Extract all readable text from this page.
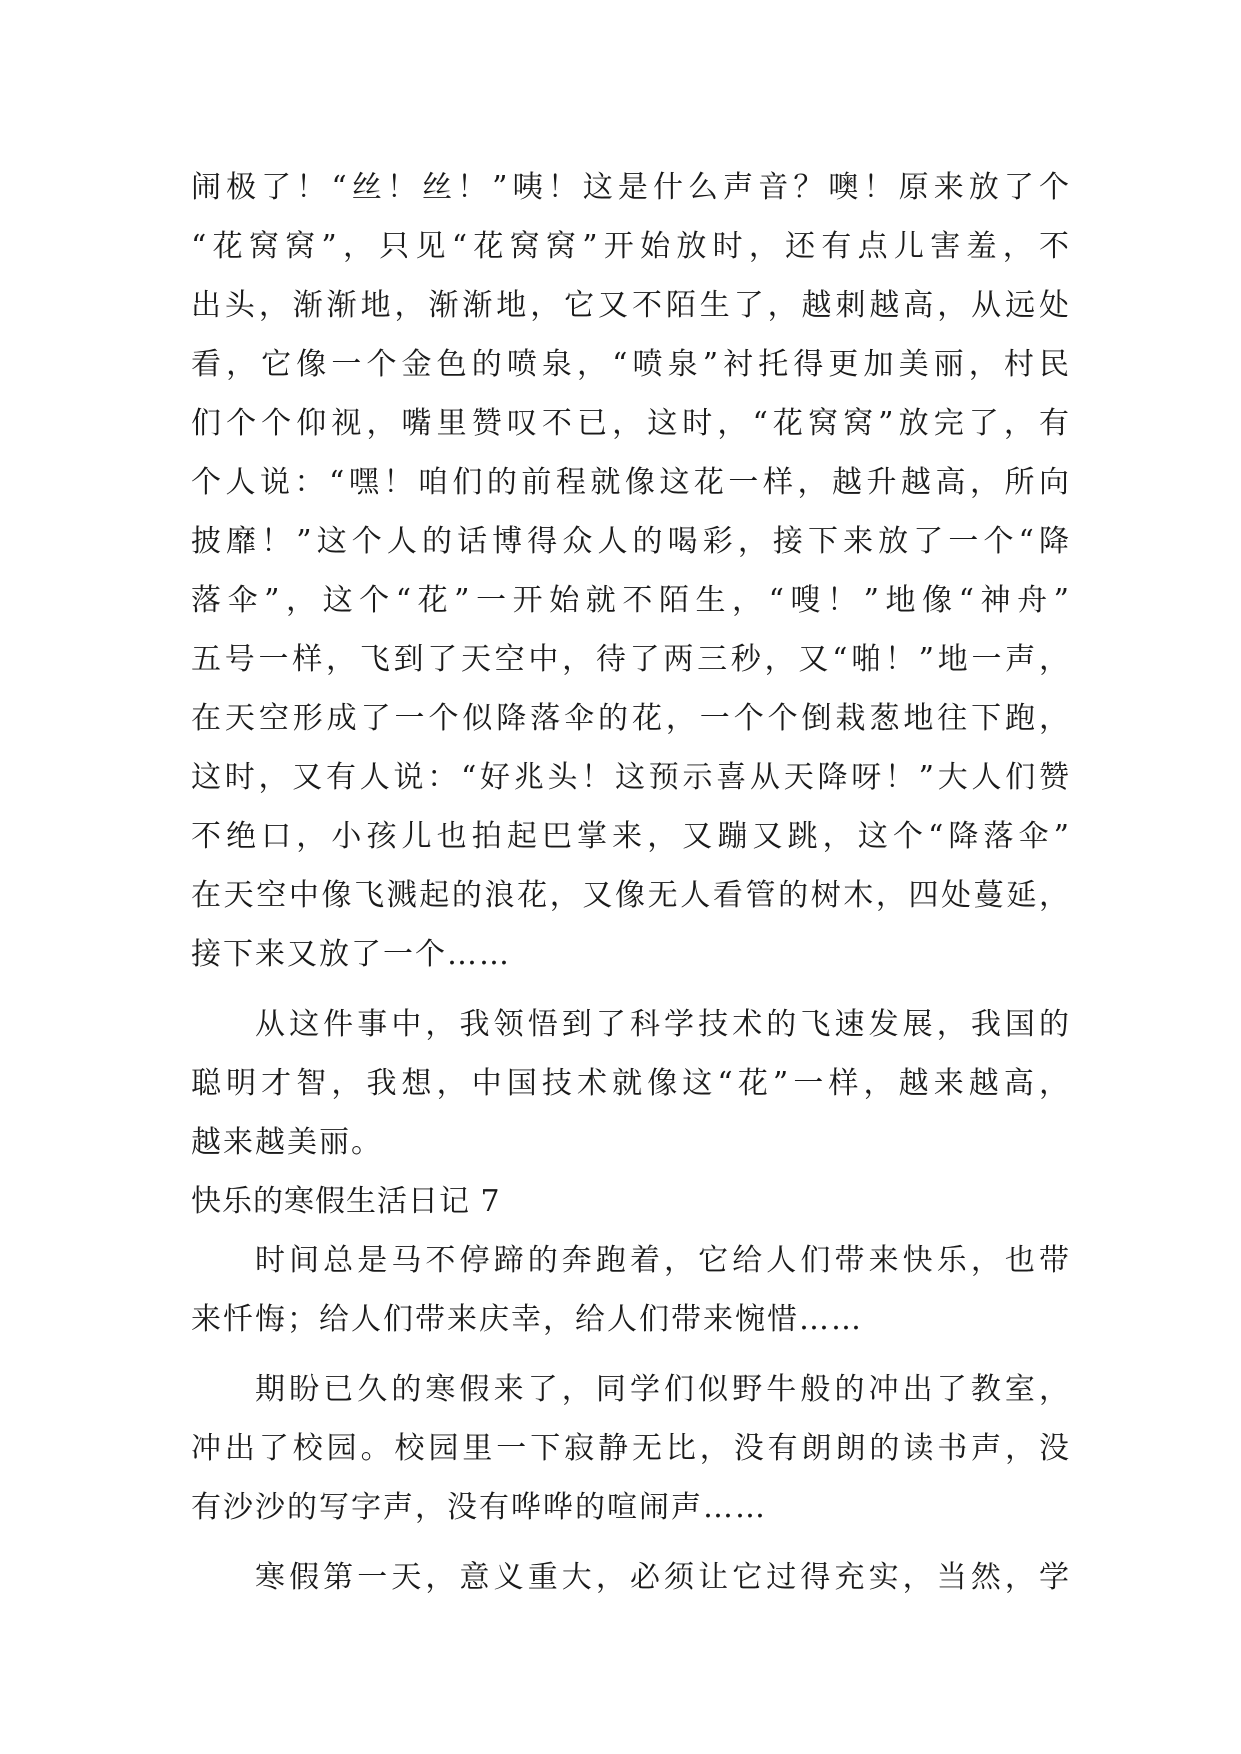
闹极了！“丝！丝！”咦！这是什么声音？噢！原来放了个
“花窝窝”，只见“花窝窝”开始放时，还有点儿害羞，不
出头，渐渐地，渐渐地，它又不陌生了，越刺越高，从远处
看，它像一个金色的喷泉，“喷泉”衬托得更加美丽，村民
们个个仰视，嘴里赞叹不已，这时，“花窝窝”放完了，有
个人说：“嘿！咱们的前程就像这花一样，越升越高，所向
披靡！”这个人的话博得众人的喝彩，接下来放了一个“降
落伞”，这个“花”一开始就不陌生，“嗖！”地像“神舟”
五号一样，飞到了天空中，待了两三秒，又“啪！”地一声，
在天空形成了一个似降落伞的花，一个个倒栽葱地往下跑，
这时，又有人说：“好兆头！这预示喜从天降呀！”大人们赞
不绝口，小孩儿也拍起巴掌来，又蹦又跳，这个“降落伞”
在天空中像飞溅起的浪花，又像无人看管的树木，四处蔓延，
接下来又放了一个……
从这件事中，我领悟到了科学技术的飞速发展，我国的
聪明才智，我想，中国技术就像这“花”一样，越来越高，
越来越美丽。
快乐的寒假生活日记 7
时间总是马不停蹄的奔跑着，它给人们带来快乐，也带
来忏悔；给人们带来庆幸，给人们带来惋惜……
期盼已久的寒假来了，同学们似野牛般的冲出了教室，
冲出了校园。校园里一下寂静无比，没有朗朗的读书声，没
有沙沙的写字声，没有哗哗的喧闹声……
寒假第一天，意义重大，必须让它过得充实，当然，学
